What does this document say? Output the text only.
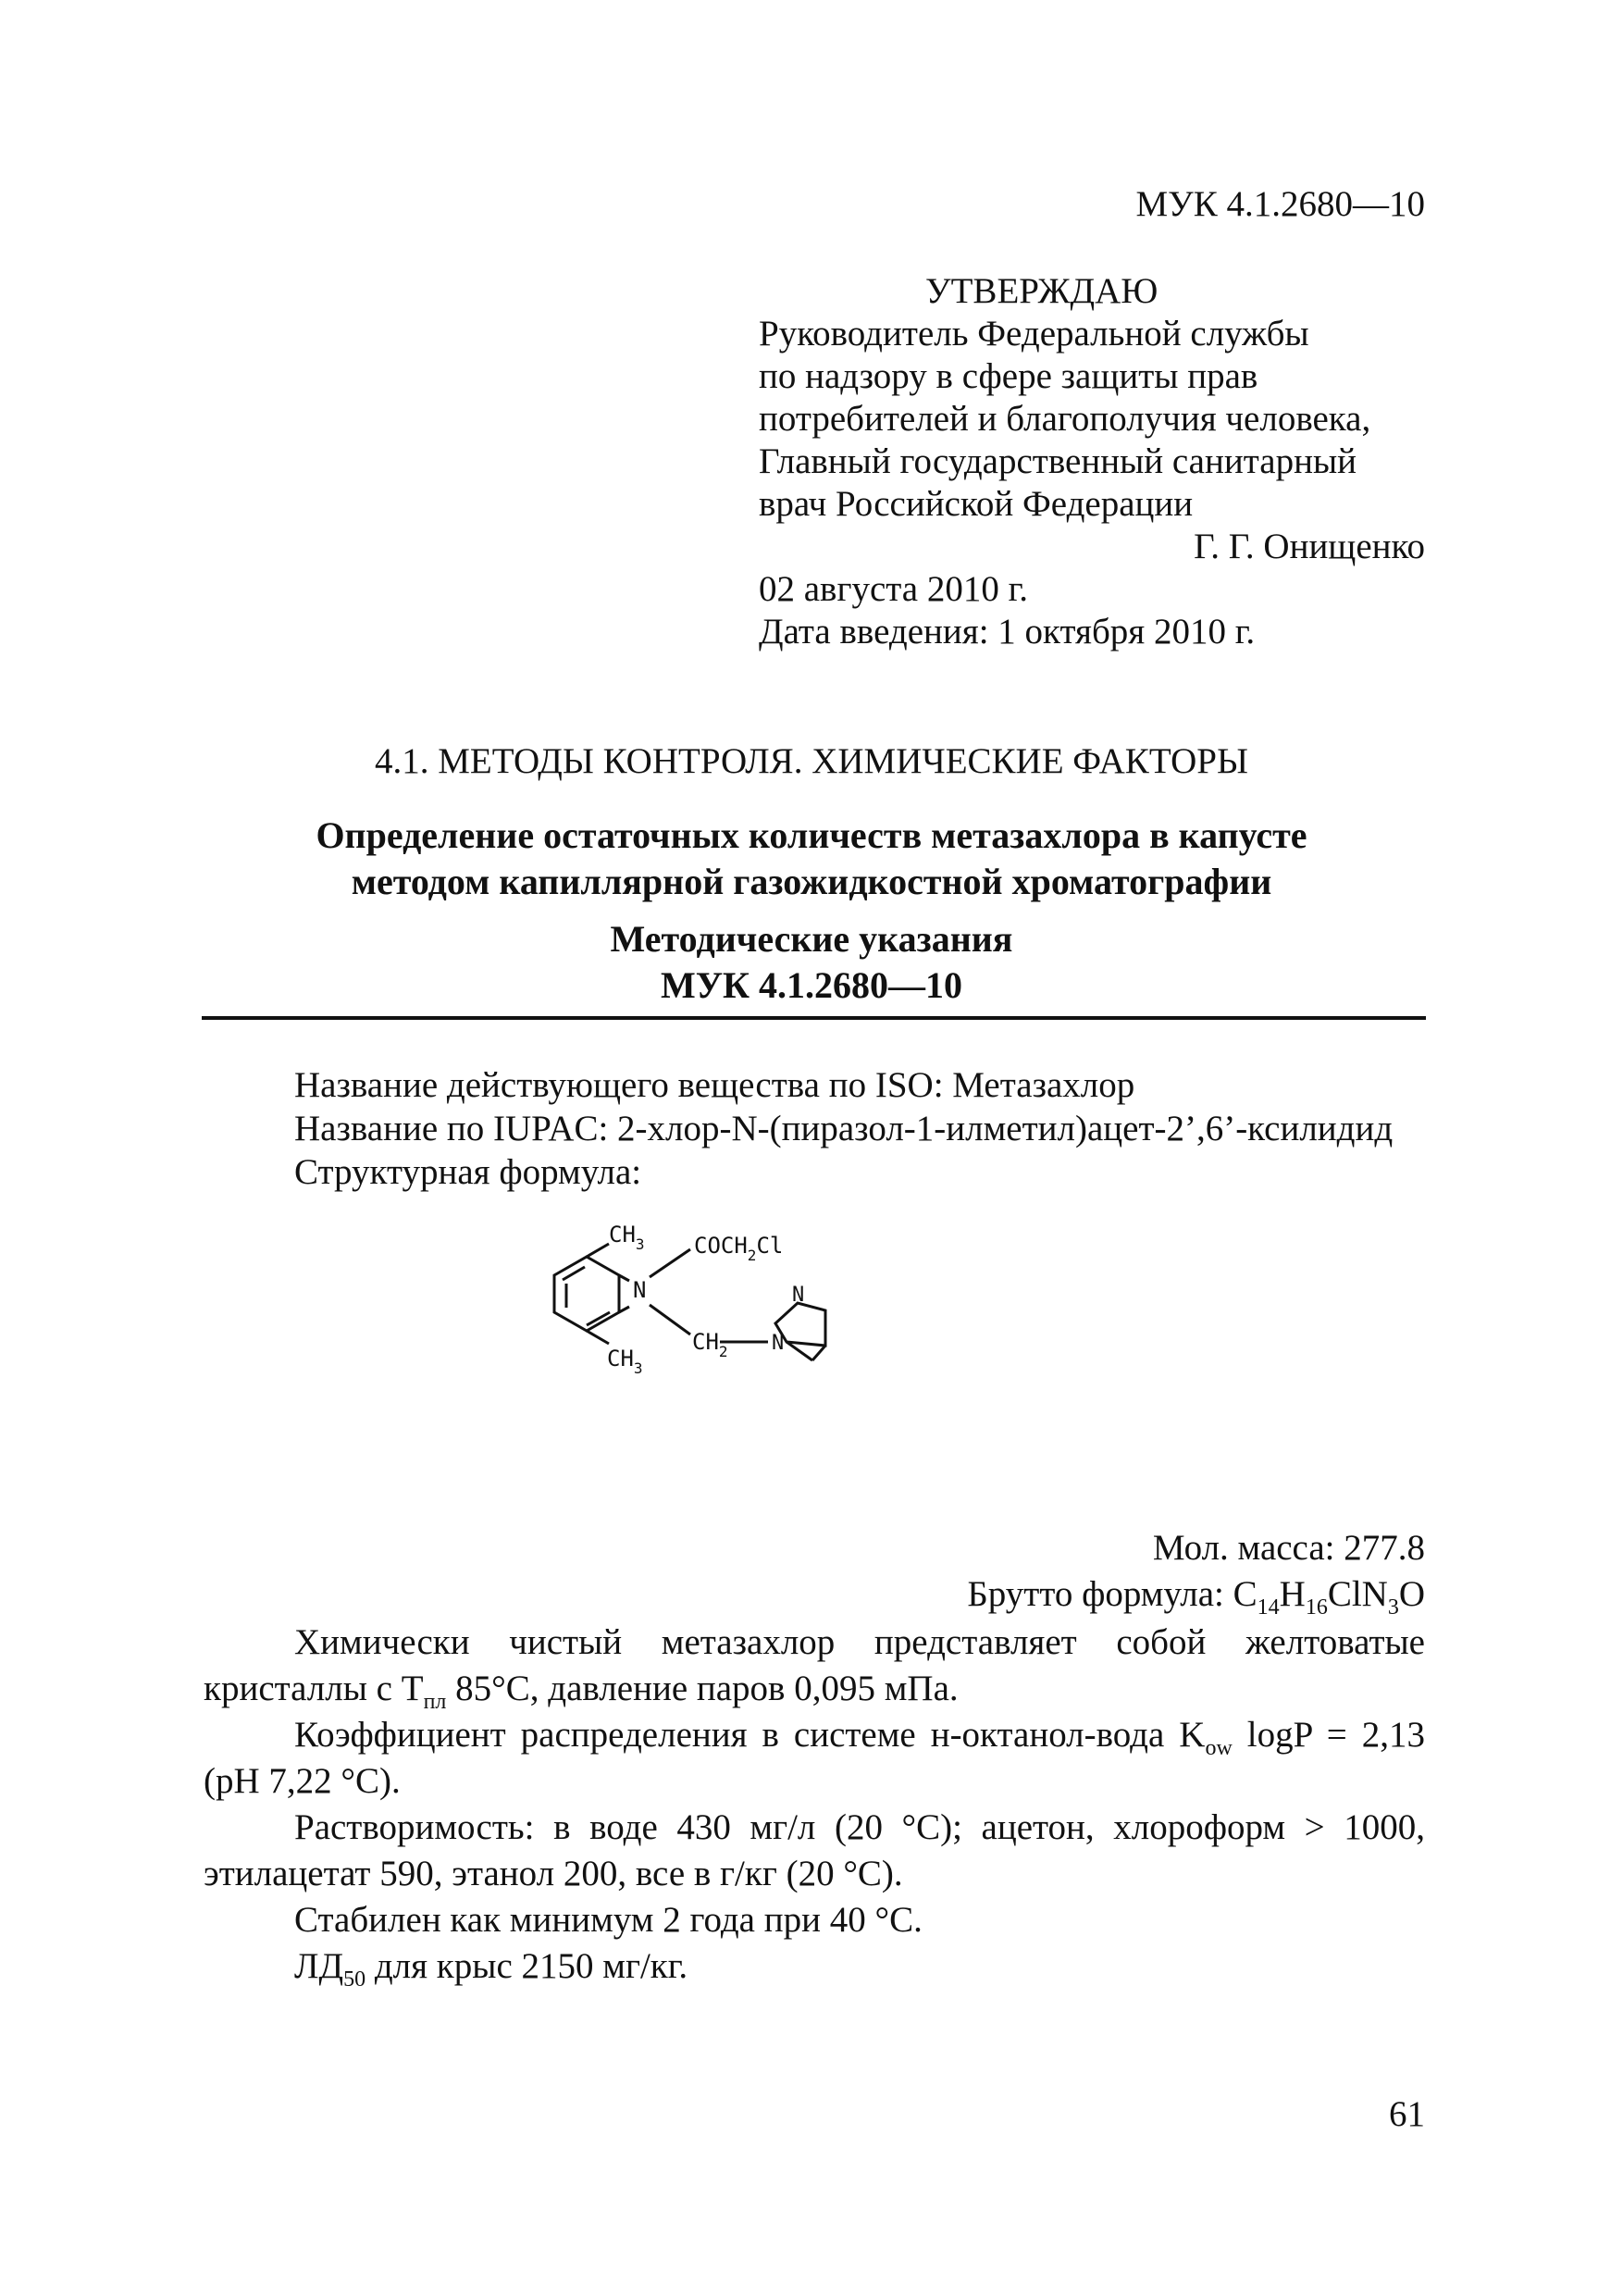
МУК 4.1.2680—10
УТВЕРЖДАЮ
Руководитель Федеральной службы
по надзору в сфере защиты прав
потребителей и благополучия человека,
Главный государственный санитарный
врач Российской Федерации
Г. Г. Онищенко
02 августа 2010 г.
Дата введения: 1 октября 2010 г.
4.1. МЕТОДЫ КОНТРОЛЯ. ХИМИЧЕСКИЕ ФАКТОРЫ
Определение остаточных количеств метазахлора в капусте
методом капиллярной газожидкостной хроматографии
Методические указания
МУК 4.1.2680—10
Название действующего вещества по ISO: Метазахлор
Название по IUPAC: 2-хлор-N-(пиразол-1-илметил)ацет-2’,6’-ксилидид
Структурная формула:
$CH_3$
$CH_3$
N
$COCH_2Cl$
$CH_2$
N
N
Мол. масса: 277.8
Брутто формула: $C_{14}H_{16}ClN_3O$
Химически чистый метазахлор представляет собой желтоватые кристаллы с $Т_{пл}$ 85°С, давление паров 0,095 мПа.
Коэффициент распределения в системе н-октанол-вода $K_{ow}$ logP = 2,13 (pH 7,22 °С).
Растворимость: в воде 430 мг/л (20 °С); ацетон, хлороформ > 1000, этилацетат 590, этанол 200, все в г/кг (20 °С).
Стабилен как минимум 2 года при 40 °С.
$ЛД_{50}$ для крыс 2150 мг/кг.
61
